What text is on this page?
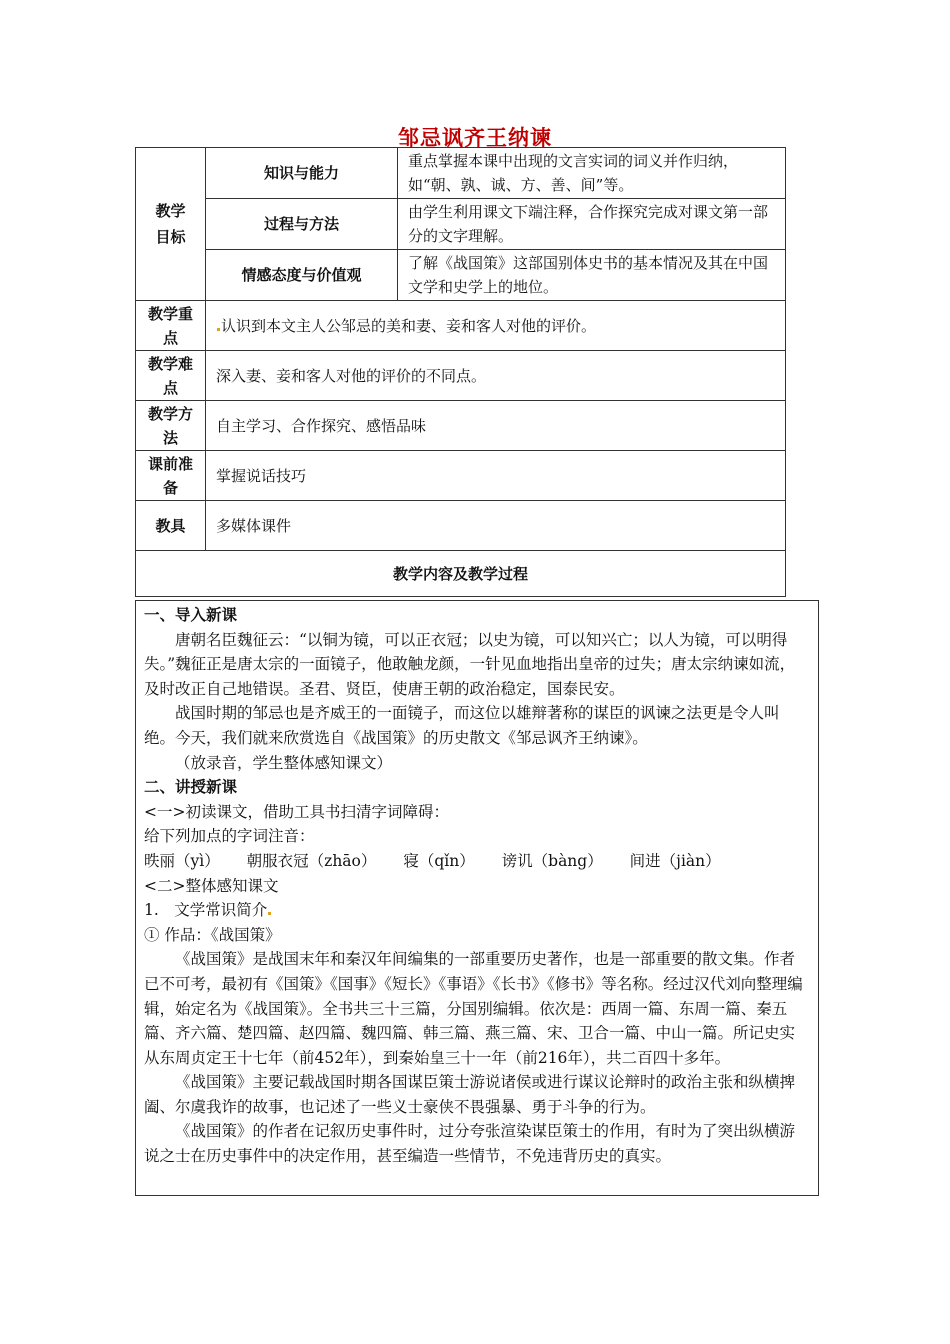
邹忌讽齐王纳谏
教学目标	知识与能力	重点掌握本课中出现的文言实词的词义并作归纳，如“朝、孰、诚、方、善、间”等。
	过程与方法	由学生利用课文下端注释，合作探究完成对课文第一部分的文字理解。
	情感态度与价值观	了解《战国策》这部国别体史书的基本情况及其在中国文学和史学上的地位。

教学重点	认识到本文主人公邹忌的美和妻、妾和客人对他的评价。	

教学难点	深入妻、妾和客人对他的评价的不同点。	

教学方法	自主学习、合作探究、感悟品味	

课前准备	掌握说话技巧	

教具	多媒体课件	
教学内容及教学过程		

一、导入新课

唐朝名臣魏征云：“以铜为镜，可以正衣冠；以史为镜，可以知兴亡；以人为镜，可以明得失。”魏征正是唐太宗的一面镜子，他敢触龙颜，一针见血地指出皇帝的过失；唐太宗纳谏如流，及时改正自己地错误。圣君、贤臣，使唐王朝的政治稳定，国泰民安。

战国时期的邹忌也是齐威王的一面镜子，而这位以雄辩著称的谋臣的讽谏之法更是令人叫绝。今天，我们就来欣赏选自《战国策》的历史散文《邹忌讽齐王纳谏》。

（放录音，学生整体感知课文）

二、讲授新课

<一>初读课文，借助工具书扫清字词障碍：

给下列加点的字词注音：

昳丽（yì） 朝服衣冠（zhāo） 寝（qǐn） 谤讥（bàng） 间进（jiàn）

<二>整体感知课文

1.　文学常识简介

① 作品：《战国策》

《战国策》是战国末年和秦汉年间编集的一部重要历史著作，也是一部重要的散文集。作者已不可考，最初有《国策》《国事》《短长》《事语》《长书》《修书》等名称。经过汉代刘向整理编辑，始定名为《战国策》。全书共三十三篇，分国别编辑。依次是：西周一篇、东周一篇、秦五篇、齐六篇、楚四篇、赵四篇、魏四篇、韩三篇、燕三篇、宋、卫合一篇、中山一篇。所记史实从东周贞定王十七年（前452年），到秦始皇三十一年（前216年），共二百四十多年。

《战国策》主要记载战国时期各国谋臣策士游说诸侯或进行谋议论辩时的政治主张和纵横捭阖、尔虞我诈的故事，也记述了一些义士豪侠不畏强暴、勇于斗争的行为。

《战国策》的作者在记叙历史事件时，过分夸张渲染谋臣策士的作用，有时为了突出纵横游说之士在历史事件中的决定作用，甚至编造一些情节，不免违背历史的真实。
